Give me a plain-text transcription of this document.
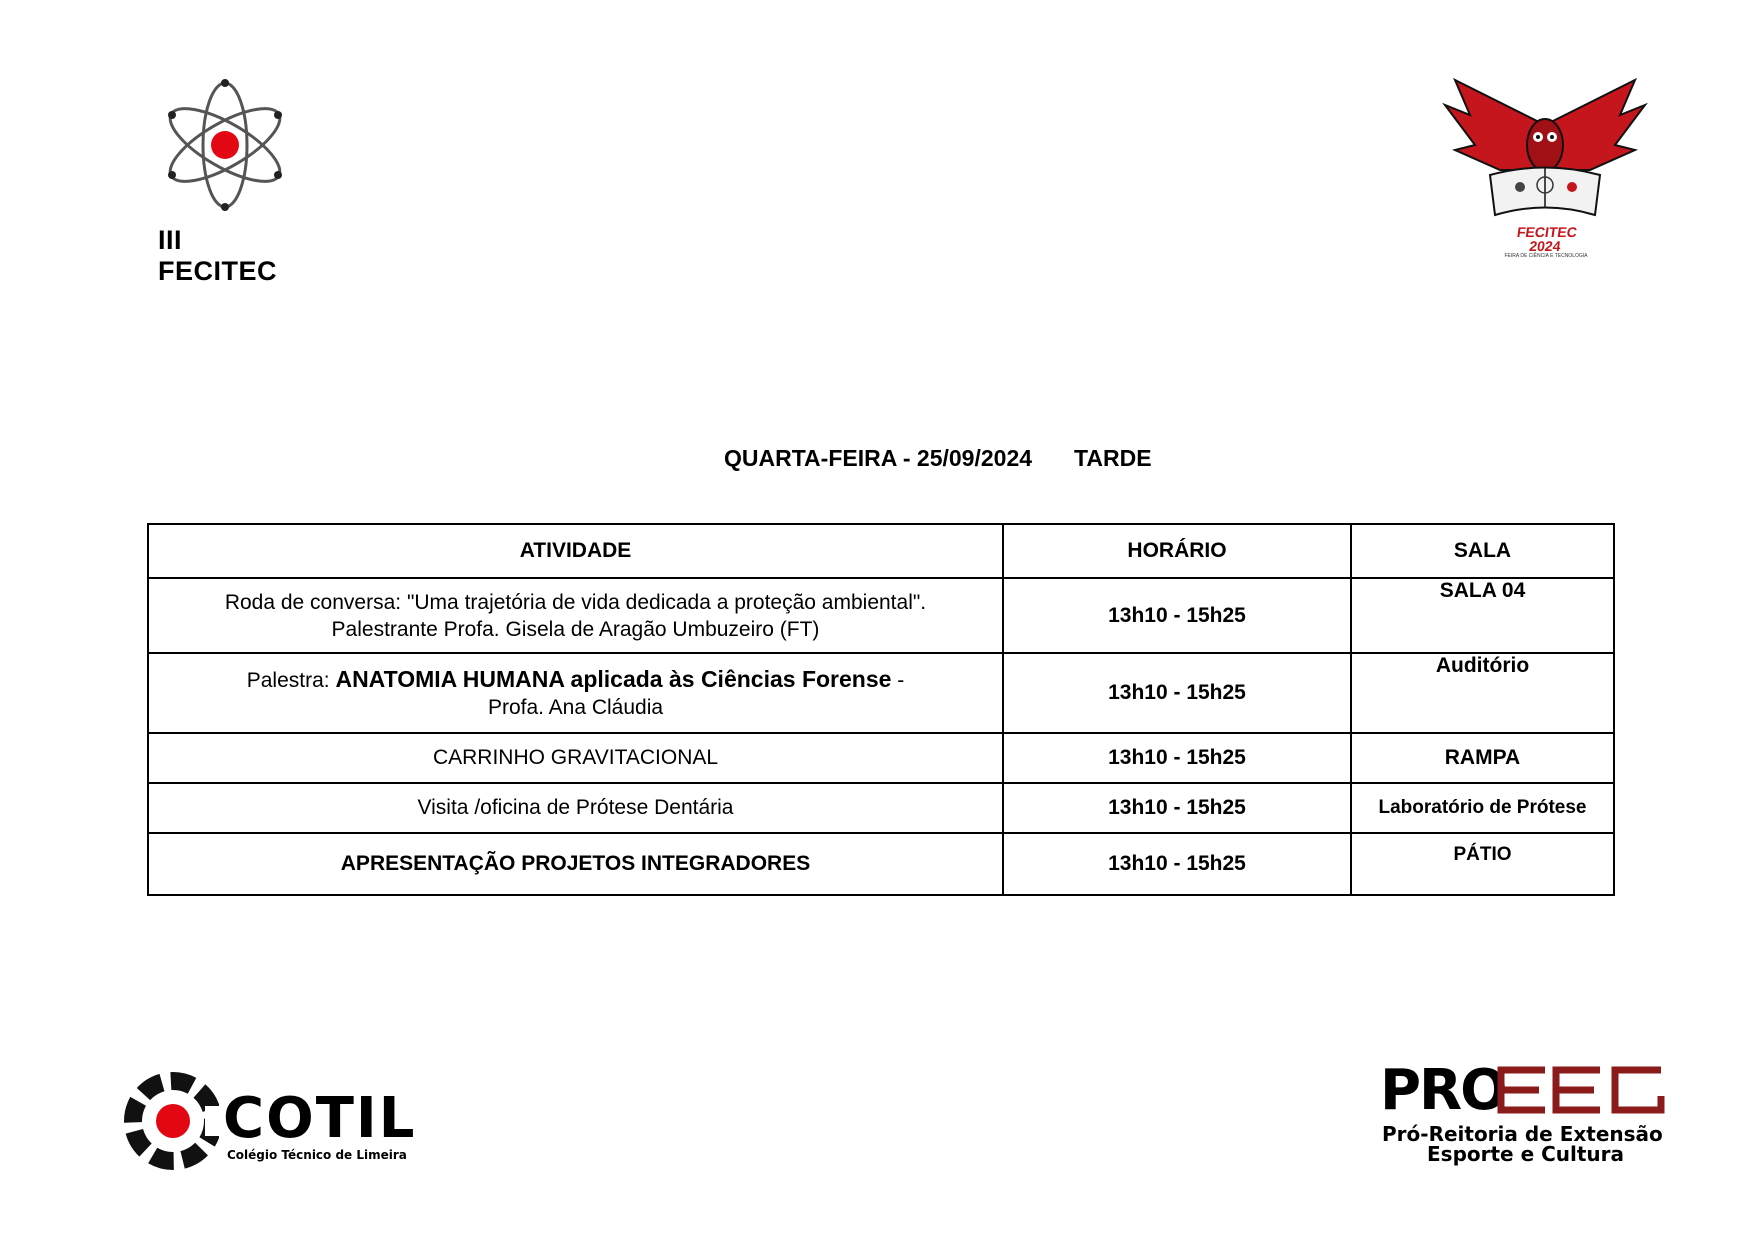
III FECITEC
FECITEC
2024
FEIRA DE CIÊNCIA E TECNOLOGIA
QUARTA-FEIRA - 25/09/2024 TARDE
ATIVIDADE	HORÁRIO	SALA

Roda de conversa: "Uma trajetória de vida dedicada a proteção ambiental".
Palestrante Profa. Gisela de Aragão Umbuzeiro (FT)	13h10 - 15h25	SALA 04

Palestra: ANATOMIA HUMANA aplicada às Ciências Forense -
Profa. Ana Cláudia	13h10 - 15h25	Auditório
CARRINHO GRAVITACIONAL	13h10 - 15h25	RAMPA
Visita /oficina de Prótese Dentária	13h10 - 15h25	Laboratório de Prótese
APRESENTAÇÃO PROJETOS INTEGRADORES	13h10 - 15h25	PÁTIO
COTIL
Colégio Técnico de Limeira
PRO
Pró-Reitoria de Extensão
Esporte e Cultura
